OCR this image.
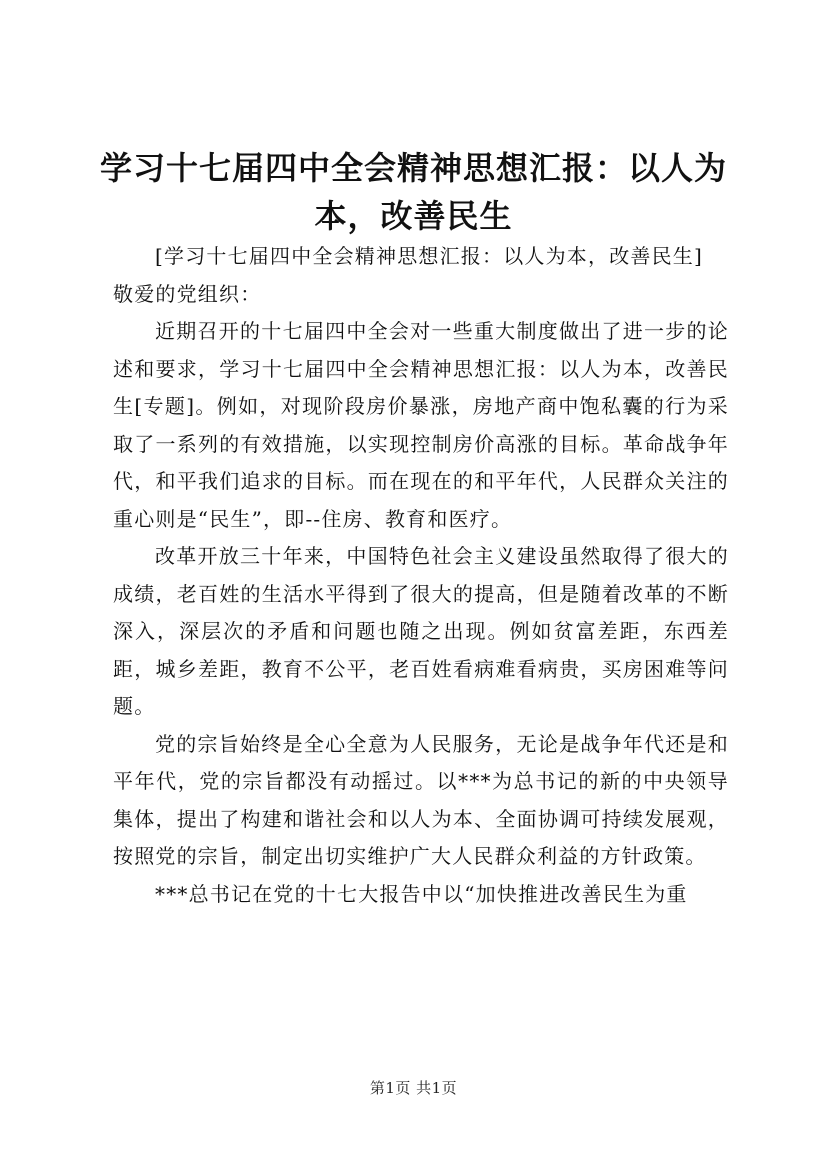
学习十七届四中全会精神思想汇报：以人为本，改善民生

[学习十七届四中全会精神思想汇报：以人为本，改善民生]

敬爱的党组织：

近期召开的十七届四中全会对一些重大制度做出了进一步的论述和要求，学习十七届四中全会精神思想汇报：以人为本，改善民生[专题]。例如，对现阶段房价暴涨，房地产商中饱私囊的行为采取了一系列的有效措施，以实现控制房价高涨的目标。革命战争年代，和平我们追求的目标。而在现在的和平年代，人民群众关注的重心则是“民生”，即--住房、教育和医疗。

改革开放三十年来，中国特色社会主义建设虽然取得了很大的成绩，老百姓的生活水平得到了很大的提高，但是随着改革的不断深入，深层次的矛盾和问题也随之出现。例如贫富差距，东西差距，城乡差距，教育不公平，老百姓看病难看病贵，买房困难等问题。

党的宗旨始终是全心全意为人民服务，无论是战争年代还是和平年代，党的宗旨都没有动摇过。以***为总书记的新的中央领导集体，提出了构建和谐社会和以人为本、全面协调可持续发展观，按照党的宗旨，制定出切实维护广大人民群众利益的方针政策。

***总书记在党的十七大报告中以“加快推进改善民生为重

第1页 共1页
